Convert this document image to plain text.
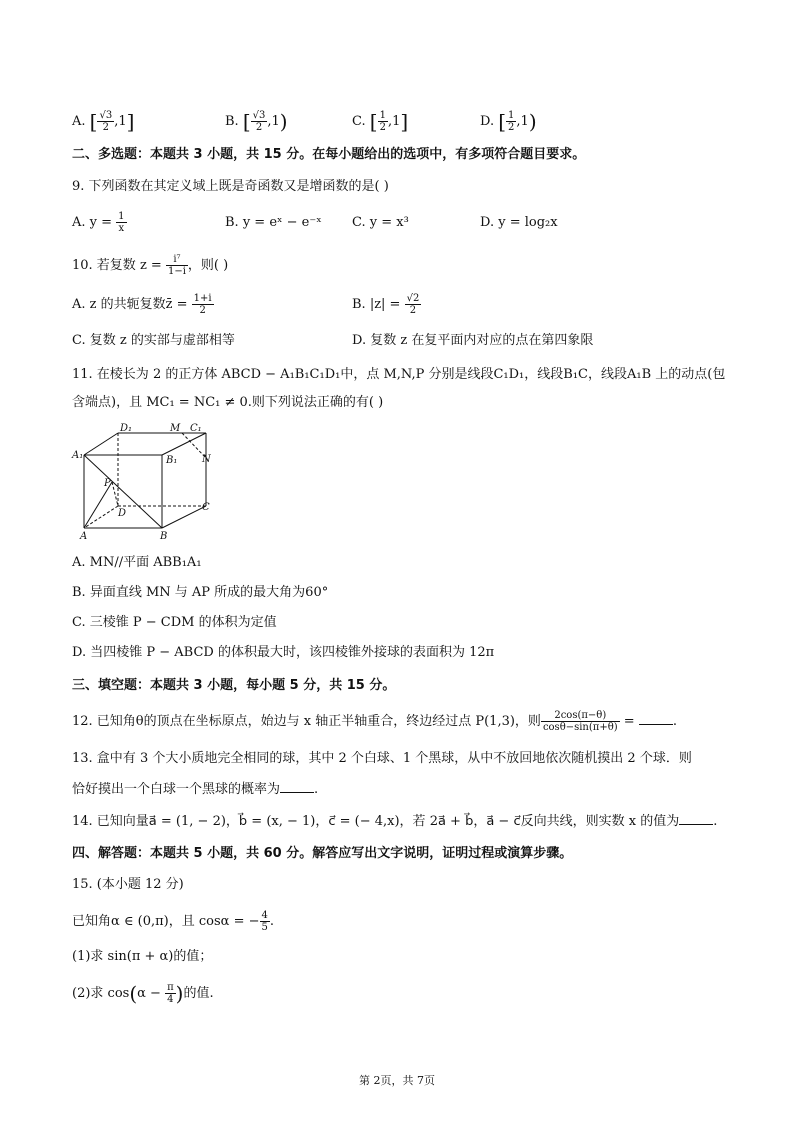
A. [ $\frac{√3}{2} ,1$]	B. [ $\frac{√3}{2} ,1$)	C. [ $\frac{1}{2} ,1$]	D. [ $\frac{1}{2} ,1$)
二、多选题：本题共 3 小题，共 15 分。在每小题给出的选项中，有多项符合题目要求。
9. 下列函数在其定义域上既是奇函数又是增函数的是( )
A. $y = \frac{1}{x}$	B. y = eˣ − e⁻ˣ C. y = x³	D. y = log₂x
10. 若复数 $z = \frac{\text{i⁷}}{1-i}$ ，则( )
A. z 的共轭复数z̄ = $\frac{1+i}{2}$	B. $|z| = \frac{√2}{2}$
C. 复数 z 的实部与虚部相等	D. 复数 z 在复平面内对应的点在第四象限
11. 在棱长为 2 的正方体 ABCD − A₁B₁C₁D₁中，点 M,N,P 分别是线段C₁D₁，线段B₁C，线段A₁B 上的动点(包
含端点)，且 MC₁ = NC₁ ≠ 0.则下列说法正确的有( )
D₁	M C₁
A₁	B₁ N
P
D
C
A	B
A. MN//平面 ABB₁A₁
B. 异面直线 MN 与 AP 所成的最大角为60°
C. 三棱锥 P − CDM 的体积为定值
D. 当四棱锥 P − ABCD 的体积最大时，该四棱锥外接球的表面积为 12π
三、填空题：本题共 3 小题，每小题 5 分，共 15 分。
12. 已知角θ的顶点在坐标原点，始边与 x 轴正半轴重合，终边经过点 P(1,3)，则 $\frac{2\cos(\pi-\theta)}{\cos\theta-\sin(\pi+\theta)}$ =	.
13. 盒中有 3 个大小质地完全相同的球，其中 2 个白球、1 个黑球，从中不放回地依次随机摸出 2 个球．则
恰好摸出一个白球一个黑球的概率为	.
14. 已知向量a⃗ = (1, − 2)，b⃗ = (x, − 1)，c⃗ = (− 4,x)，若 2a⃗ + b⃗，a⃗ − c⃗反向共线，则实数 x 的值为	.
四、解答题：本题共 5 小题，共 60 分。解答应写出文字说明，证明过程或演算步骤。
15. (本小题 12 分)
已知角α ∈ (0,π)，且 cosα = − $\frac{4}{5}$ .
(1)求 sin(π + α)的值；
(2)求 $\cos(\alpha - \frac{\pi}{4}$ )的值.
第 2页，共 7页
